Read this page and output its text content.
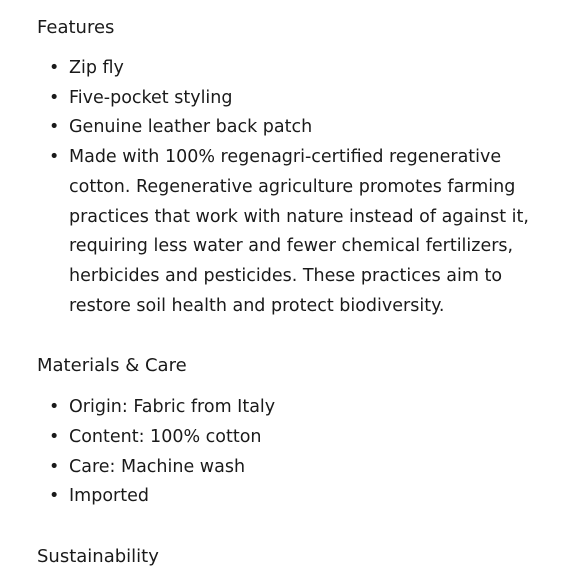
Features
• Zip fly
• Five-pocket styling
• Genuine leather back patch
• Made with 100% regenagri-certified regenerative cotton. Regenerative agriculture promotes farming practices that work with nature instead of against it, requiring less water and fewer chemical fertilizers, herbicides and pesticides. These practices aim to restore soil health and protect biodiversity.
Materials & Care
• Origin: Fabric from Italy
• Content: 100% cotton
• Care: Machine wash
• Imported
Sustainability
